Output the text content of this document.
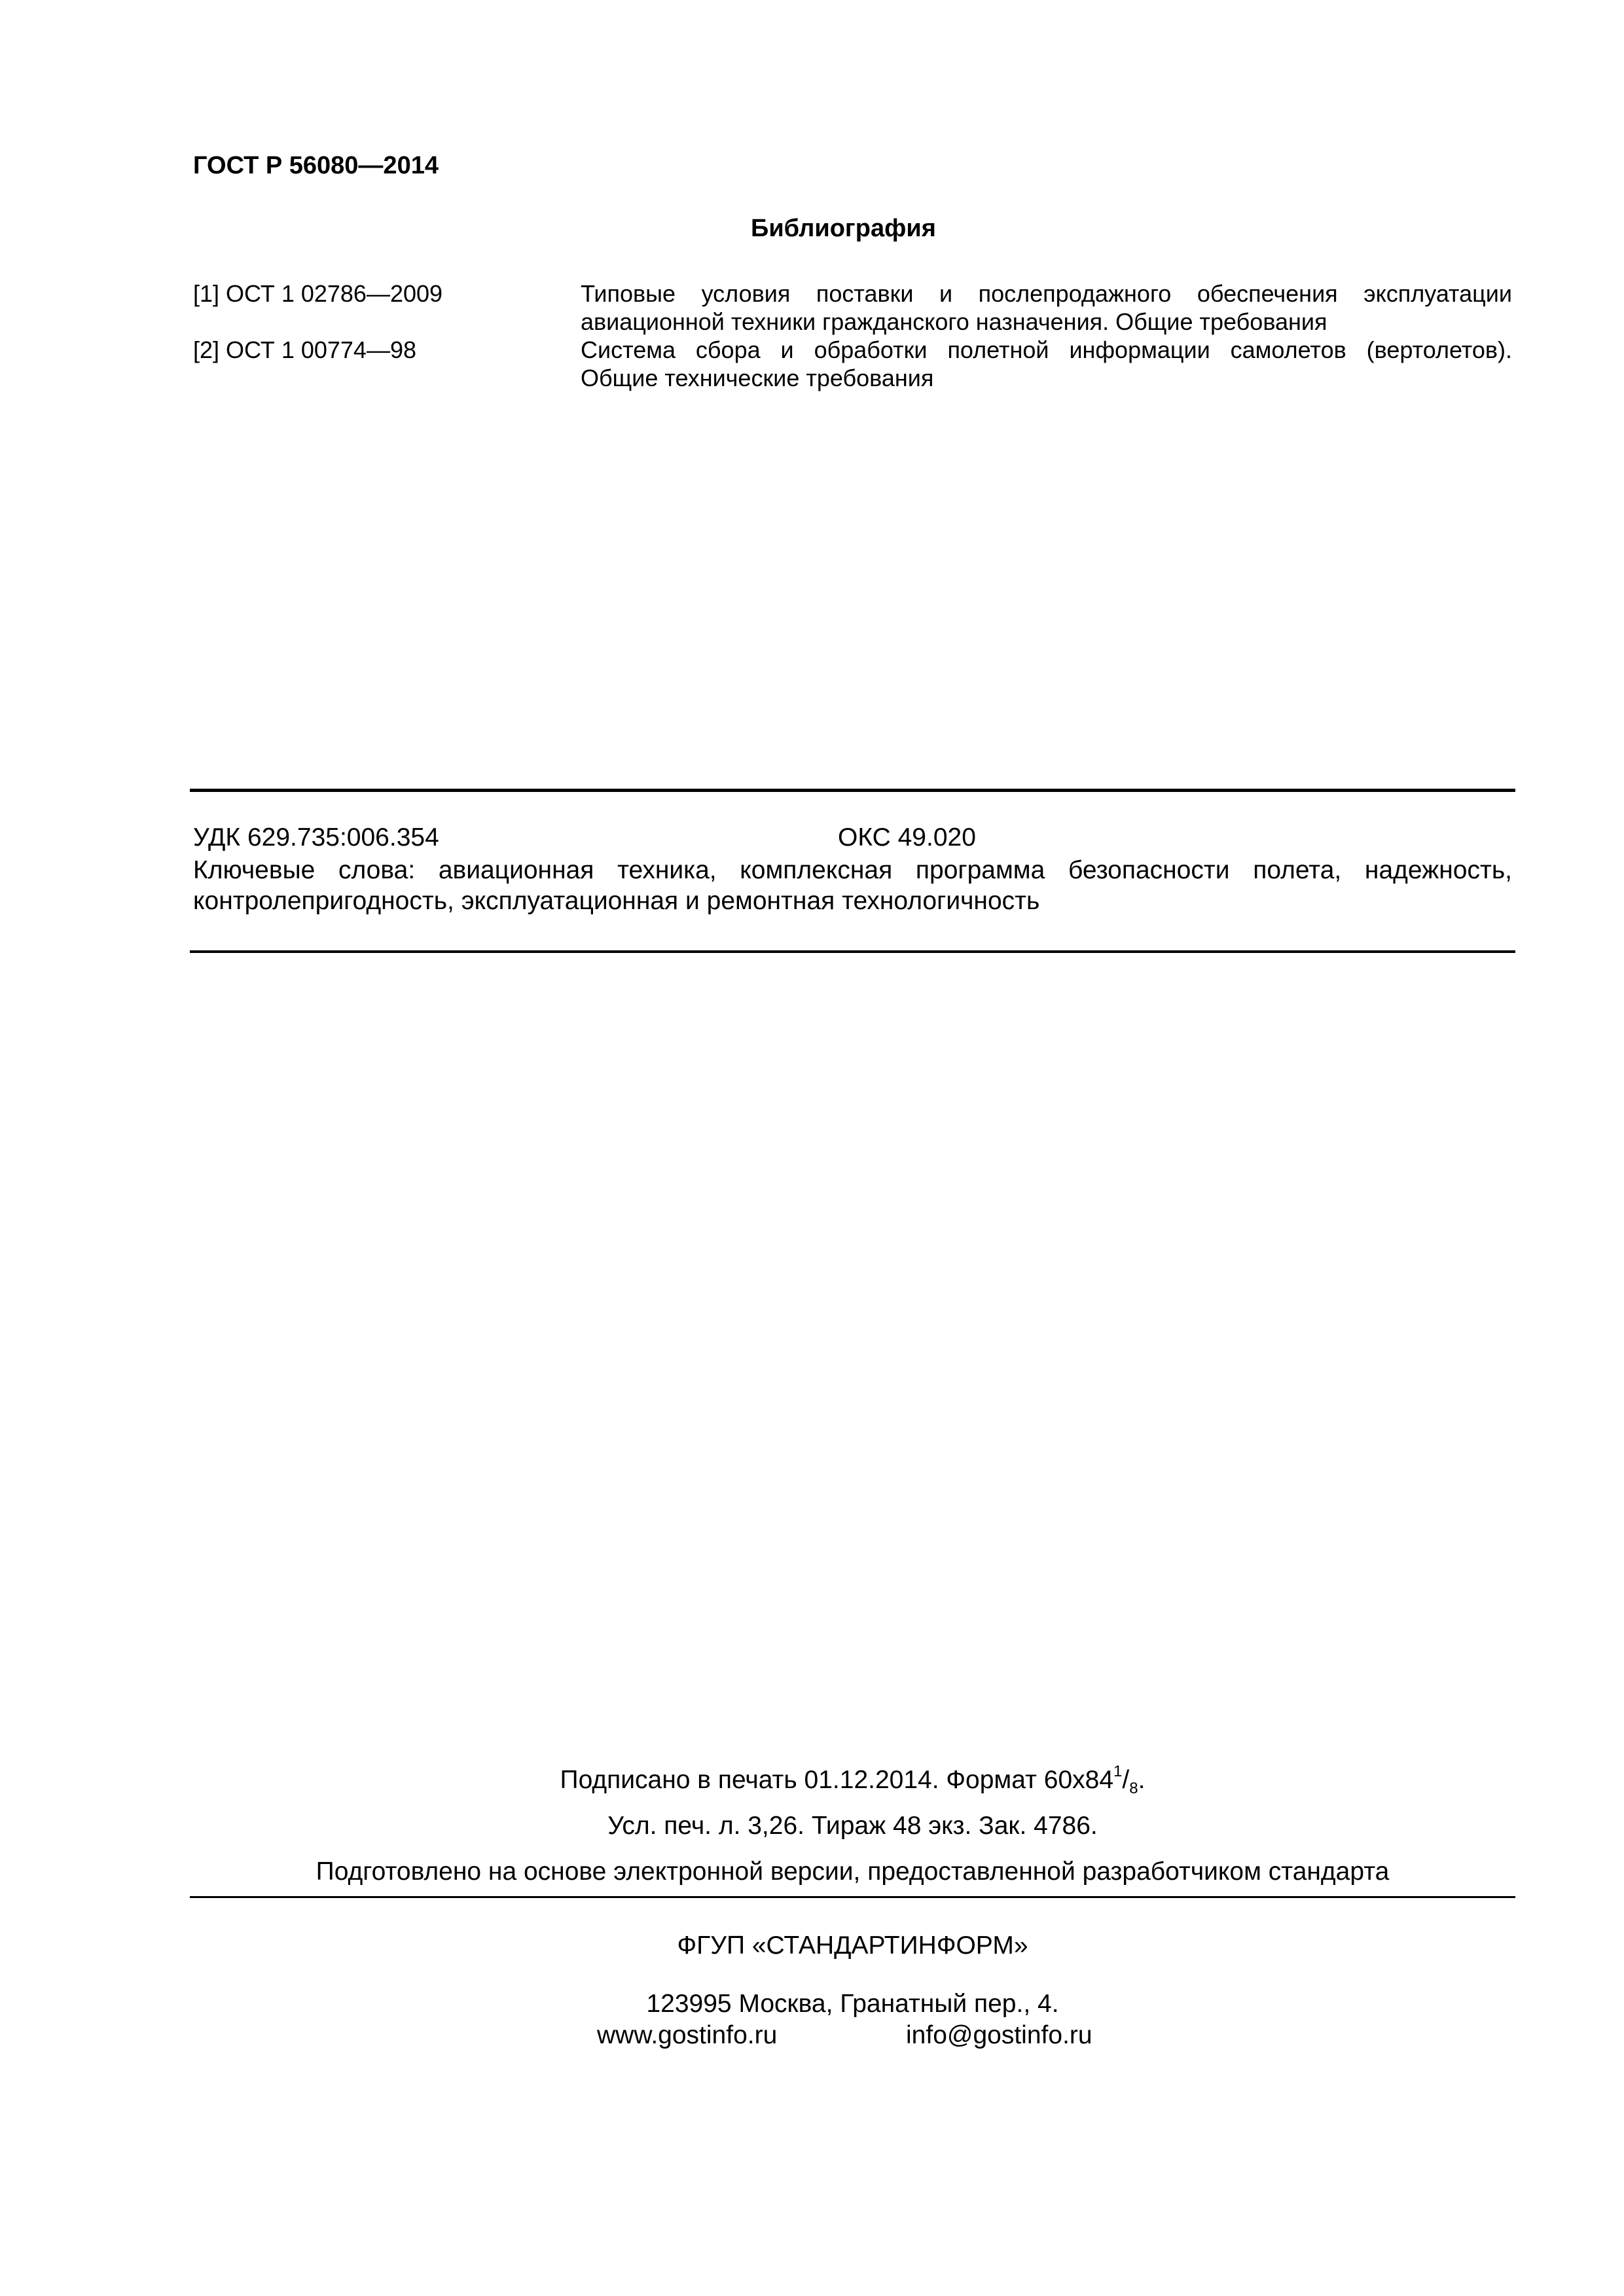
ГОСТ Р 56080—2014
Библиография
[1] ОСТ 1 02786—2009	Типовые условия поставки и послепродажного обеспечения эксплуатации
авиационной техники гражданского назначения. Общие требования
[2] ОСТ 1 00774—98	Система сбора и обработки полетной информации самолетов (вертолетов).
Общие технические требования
УДК 629.735:006.354	ОКС 49.020
Ключевые слова: авиационная техника, комплексная программа безопасности полета, надежность,
контролепригодность, эксплуатационная и ремонтная технологичность
Подписано в печать 01.12.2014. Формат $60x84^1/_8$.
Усл. печ. л. 3,26. Тираж 48 экз. Зак. 4786.
Подготовлено на основе электронной версии, предоставленной разработчиком стандарта
ФГУП «СТАНДАРТИНФОРМ»
123995 Москва, Гранатный пер., 4.
www.gostinfo.ru	info@gostinfo.ru
